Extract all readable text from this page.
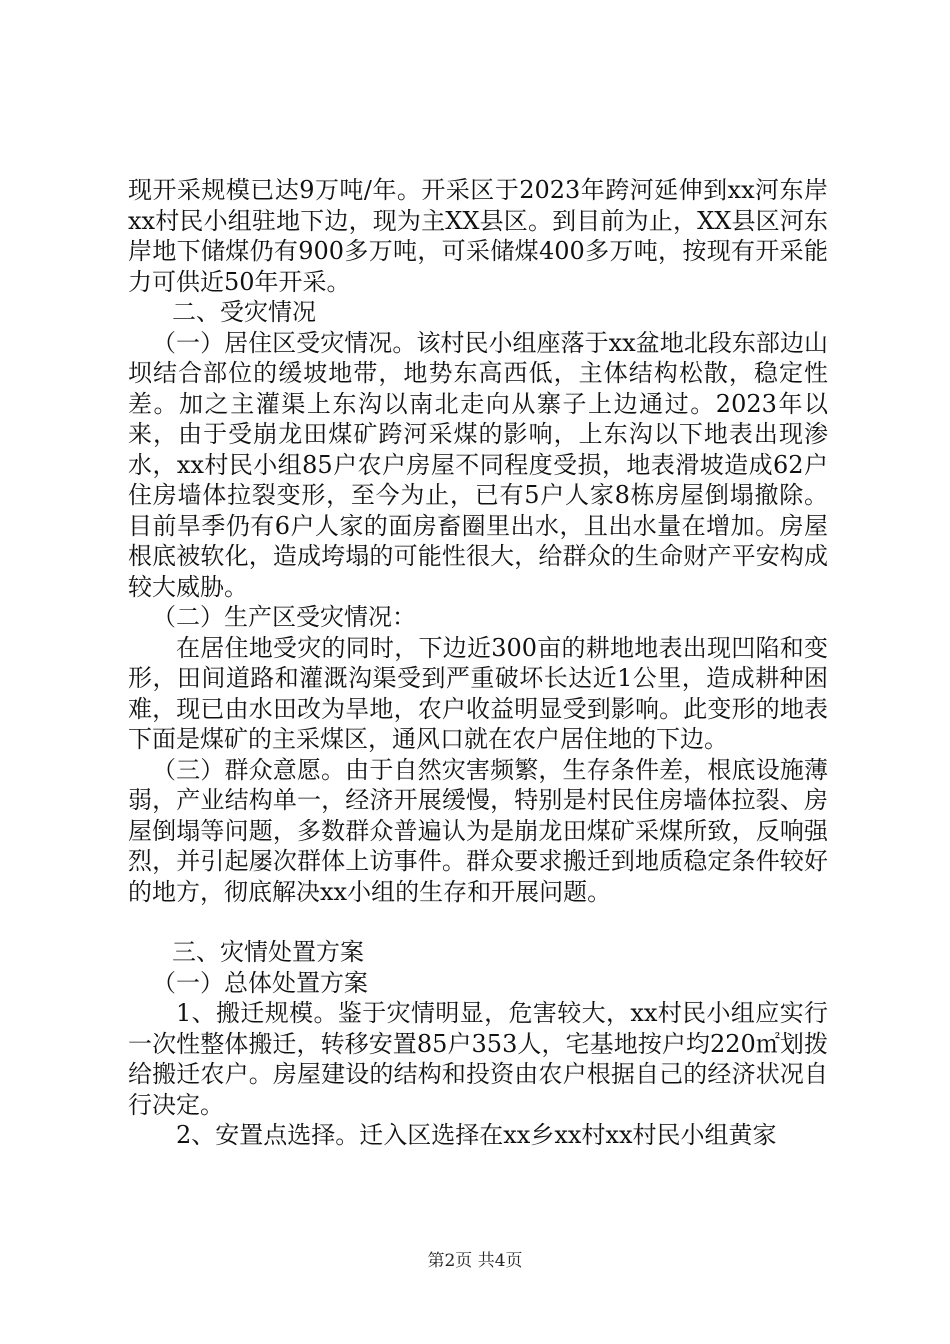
现开采规模已达9万吨/年。开采区于2023年跨河延伸到xx河东岸xx村民小组驻地下边，现为主XX县区。到目前为止，XX县区河东岸地下储煤仍有900多万吨，可采储煤400多万吨，按现有开采能力可供近50年开采。

二、受灾情况

（一）居住区受灾情况。该村民小组座落于xx盆地北段东部边山坝结合部位的缓坡地带，地势东高西低，主体结构松散，稳定性差。加之主灌渠上东沟以南北走向从寨子上边通过。2023年以来，由于受崩龙田煤矿跨河采煤的影响，上东沟以下地表出现渗水，xx村民小组85户农户房屋不同程度受损，地表滑坡造成62户住房墙体拉裂变形，至今为止，已有5户人家8栋房屋倒塌撤除。目前旱季仍有6户人家的面房畜圈里出水，且出水量在增加。房屋根底被软化，造成垮塌的可能性很大，给群众的生命财产平安构成较大威胁。

（二）生产区受灾情况：

在居住地受灾的同时，下边近300亩的耕地地表出现凹陷和变形，田间道路和灌溉沟渠受到严重破坏长达近1公里，造成耕种困难，现已由水田改为旱地，农户收益明显受到影响。此变形的地表下面是煤矿的主采煤区，通风口就在农户居住地的下边。

（三）群众意愿。由于自然灾害频繁，生存条件差，根底设施薄弱，产业结构单一，经济开展缓慢，特别是村民住房墙体拉裂、房屋倒塌等问题，多数群众普遍认为是崩龙田煤矿采煤所致，反响强烈，并引起屡次群体上访事件。群众要求搬迁到地质稳定条件较好的地方，彻底解决xx小组的生存和开展问题。

三、灾情处置方案

（一）总体处置方案

1、搬迁规模。鉴于灾情明显，危害较大，xx村民小组应实行一次性整体搬迁，转移安置85户353人，宅基地按户均220㎡划拨给搬迁农户。房屋建设的结构和投资由农户根据自己的经济状况自行决定。

2、安置点选择。迁入区选择在xx乡xx村xx村民小组黄家

第2页 共4页
